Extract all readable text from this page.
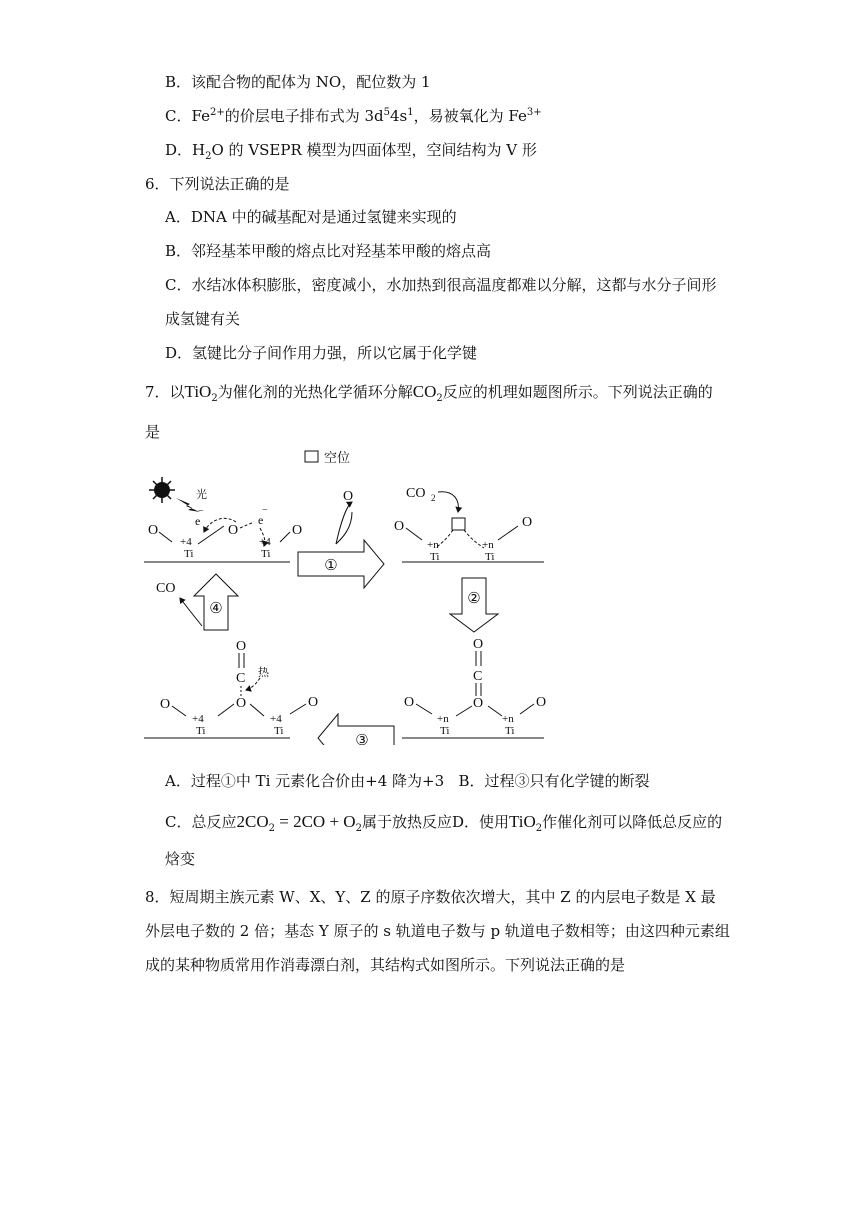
B．该配合物的配体为 NO，配位数为 1
C．$Fe^{2+}$的价层电子排布式为 $3d^54s^1$，易被氧化为 $Fe^{3+}$
D．$H_2O$ 的 VSEPR 模型为四面体型，空间结构为 V 形
6．下列说法正确的是
A．DNA 中的碱基配对是通过氢键来实现的
B．邻羟基苯甲酸的熔点比对羟基苯甲酸的熔点高
C．水结冰体积膨胀，密度减小，水加热到很高温度都难以分解，这都与水分子间形
成氢键有关
D．氢键比分子间作用力强，所以它属于化学键
7．以TiO$_2$为催化剂的光热化学循环分解$CO_2$反应的机理如题图所示。下列说法正确的
是
空位
光
O
+4
Ti
e
−
O
e
−
+4
Ti
O
O
①
CO 2
O
+n
Ti
+n
Ti
O
②
O
C
O
O
+n
Ti
+n
Ti
O
③
O
C 热
O
O
+4
Ti
+4
Ti
O
④
CO
A．过程①中 Ti 元素化合价由+4 降为+3 B．过程③只有化学键的断裂
C．总反应$2CO_2 = 2CO + O_2$属于放热反应D．使用TiO$_2$作催化剂可以降低总反应的
焓变
8．短周期主族元素 W、X、Y、Z 的原子序数依次增大，其中 Z 的内层电子数是 X 最
外层电子数的 2 倍；基态 Y 原子的 s 轨道电子数与 p 轨道电子数相等；由这四种元素组
成的某种物质常用作消毒漂白剂，其结构式如图所示。下列说法正确的是
